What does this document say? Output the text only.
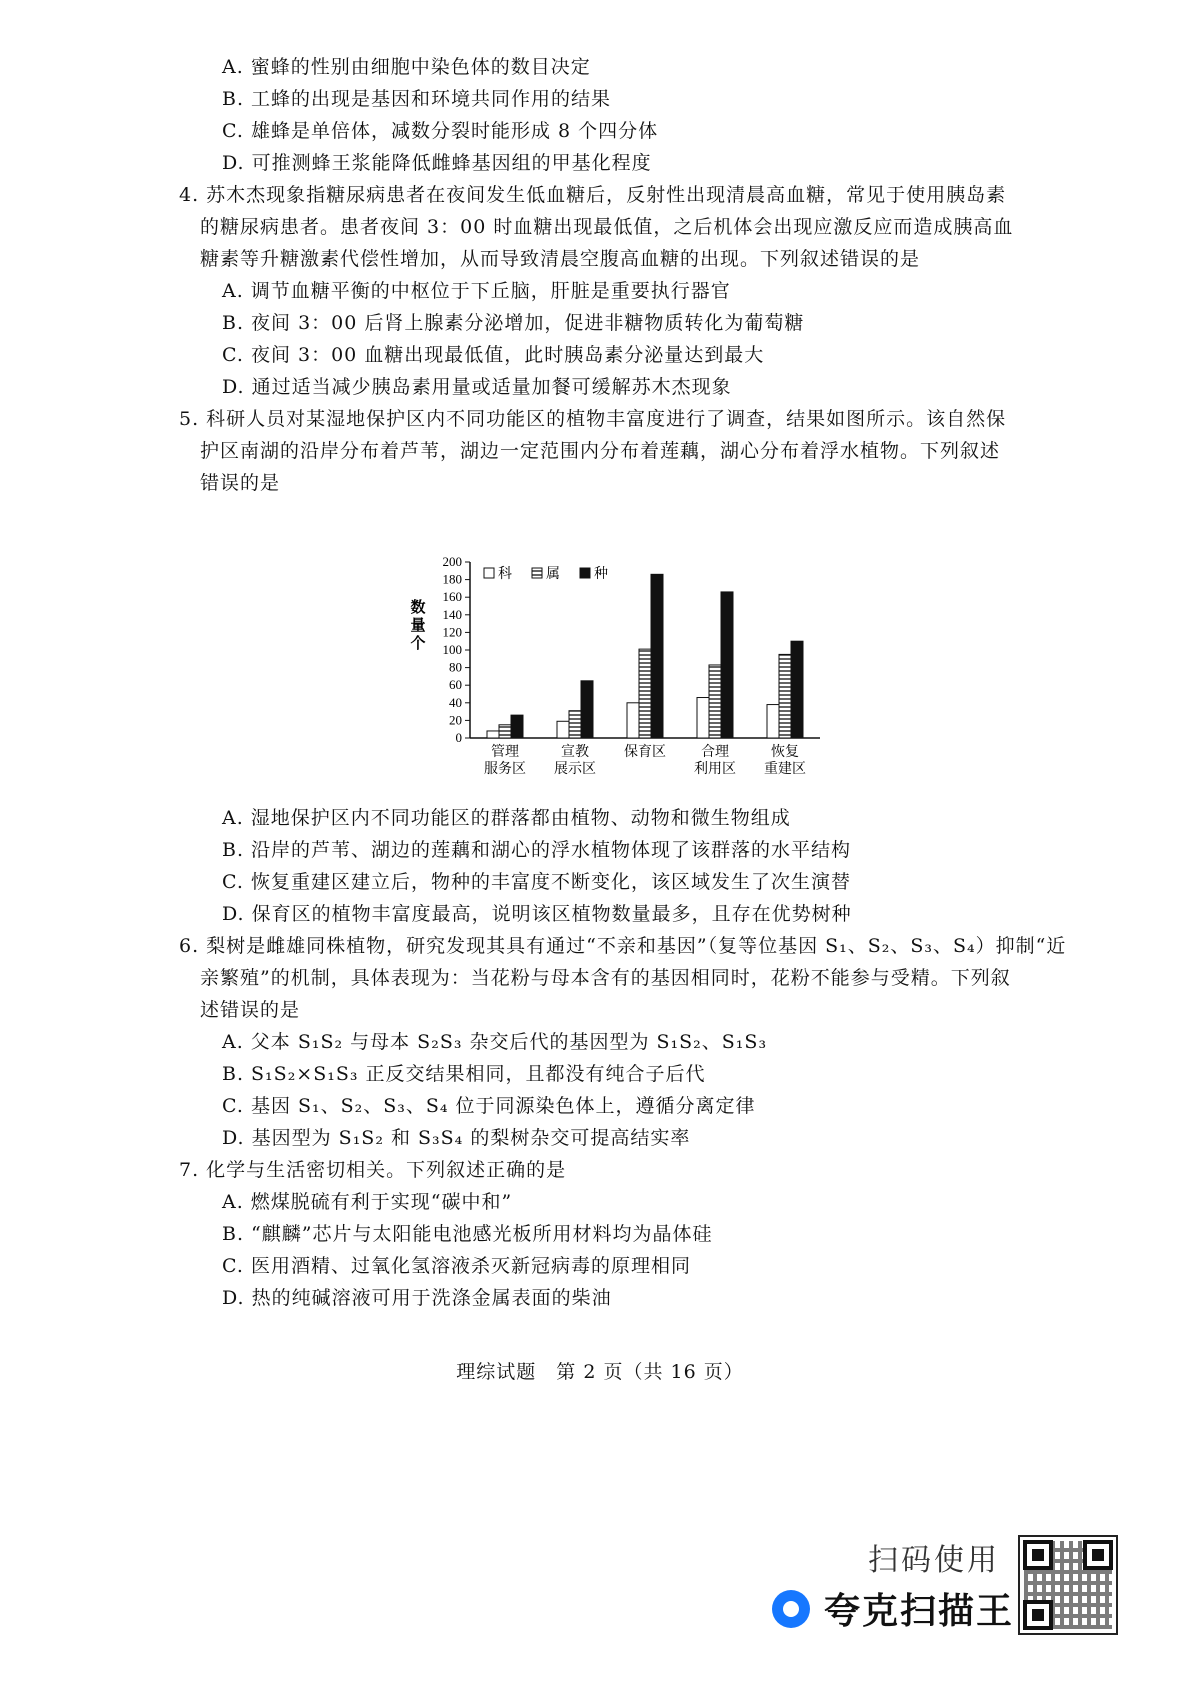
A. 蜜蜂的性别由细胞中染色体的数目决定
B. 工蜂的出现是基因和环境共同作用的结果
C. 雄蜂是单倍体，减数分裂时能形成 8 个四分体
D. 可推测蜂王浆能降低雌蜂基因组的甲基化程度
4. 苏木杰现象指糖尿病患者在夜间发生低血糖后，反射性出现清晨高血糖，常见于使用胰岛素
的糖尿病患者。患者夜间 3：00 时血糖出现最低值，之后机体会出现应激反应而造成胰高血
糖素等升糖激素代偿性增加，从而导致清晨空腹高血糖的出现。下列叙述错误的是
A. 调节血糖平衡的中枢位于下丘脑，肝脏是重要执行器官
B. 夜间 3：00 后肾上腺素分泌增加，促进非糖物质转化为葡萄糖
C. 夜间 3：00 血糖出现最低值，此时胰岛素分泌量达到最大
D. 通过适当减少胰岛素用量或适量加餐可缓解苏木杰现象
5. 科研人员对某湿地保护区内不同功能区的植物丰富度进行了调查，结果如图所示。该自然保
护区南湖的沿岸分布着芦苇，湖边一定范围内分布着莲藕，湖心分布着浮水植物。下列叙述
错误的是
0
20
40
60
80
100
120
140
160
180
200
数
量
个
管理
服务区
宣教
展示区
保育区	合理
利用区
恢复
重建区
科 属 种
A. 湿地保护区内不同功能区的群落都由植物、动物和微生物组成
B. 沿岸的芦苇、湖边的莲藕和湖心的浮水植物体现了该群落的水平结构
C. 恢复重建区建立后，物种的丰富度不断变化，该区域发生了次生演替
D. 保育区的植物丰富度最高，说明该区植物数量最多，且存在优势树种
6. 梨树是雌雄同株植物，研究发现其具有通过“不亲和基因”（复等位基因 S₁、S₂、S₃、S₄）抑制“近
亲繁殖”的机制，具体表现为：当花粉与母本含有的基因相同时，花粉不能参与受精。下列叙
述错误的是
A. 父本 S₁S₂ 与母本 S₂S₃ 杂交后代的基因型为 S₁S₂、S₁S₃
B. S₁S₂×S₁S₃ 正反交结果相同，且都没有纯合子后代
C. 基因 S₁、S₂、S₃、S₄ 位于同源染色体上，遵循分离定律
D. 基因型为 S₁S₂ 和 S₃S₄ 的梨树杂交可提高结实率
7. 化学与生活密切相关。下列叙述正确的是
A. 燃煤脱硫有利于实现“碳中和”
B. “麒麟”芯片与太阳能电池感光板所用材料均为晶体硅
C. 医用酒精、过氧化氢溶液杀灭新冠病毒的原理相同
D. 热的纯碱溶液可用于洗涤金属表面的柴油
理综试题　第 2 页（共 16 页）
扫码使用
夸克扫描王
